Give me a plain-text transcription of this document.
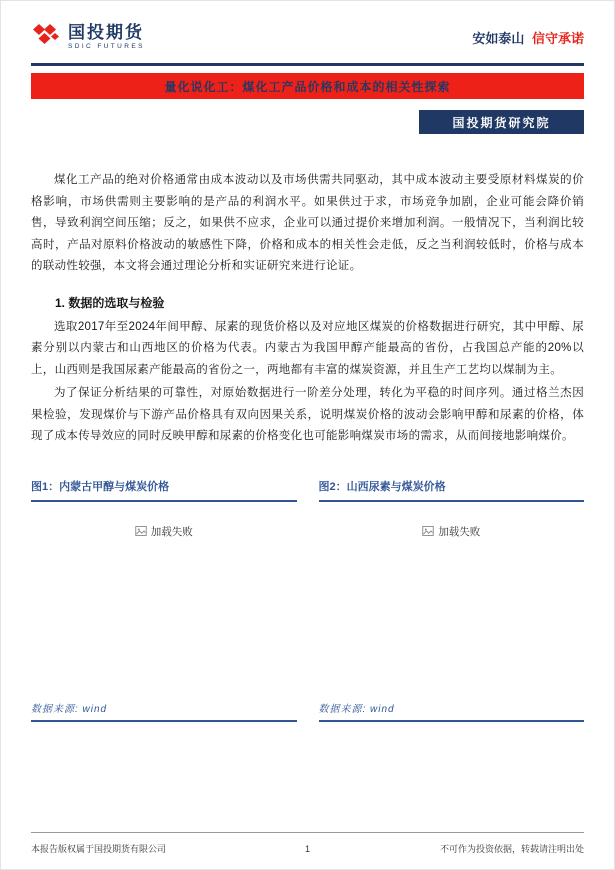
国投期货
SDIC FUTURES
安如泰山 信守承诺
量化说化工：煤化工产品价格和成本的相关性探索
国投期货研究院

煤化工产品的绝对价格通常由成本波动以及市场供需共同驱动，其中成本波动主要受原材料煤炭的价格影响，市场供需则主要影响的是产品的利润水平。如果供过于求，市场竞争加剧，企业可能会降价销售，导致利润空间压缩；反之，如果供不应求，企业可以通过提价来增加利润。一般情况下，当利润比较高时，产品对原料价格波动的敏感性下降，价格和成本的相关性会走低，反之当利润较低时，价格与成本的联动性较强，本文将会通过理论分析和实证研究来进行论证。

1. 数据的选取与检验

选取2017年至2024年间甲醇、尿素的现货价格以及对应地区煤炭的价格数据进行研究，其中甲醇、尿素分别以内蒙古和山西地区的价格为代表。内蒙古为我国甲醇产能最高的省份，占我国总产能的20%以上，山西则是我国尿素产能最高的省份之一，两地都有丰富的煤炭资源，并且生产工艺均以煤制为主。

为了保证分析结果的可靠性，对原始数据进行一阶差分处理，转化为平稳的时间序列。通过格兰杰因果检验，发现煤价与下游产品价格具有双向因果关系，说明煤炭价格的波动会影响甲醇和尿素的价格，体现了成本传导效应的同时反映甲醇和尿素的价格变化也可能影响煤炭市场的需求，从而间接地影响煤价。

图1：内蒙古甲醇与煤炭价格
加载失败
数据来源: wind
图2：山西尿素与煤炭价格
加载失败
数据来源: wind
本报告版权属于国投期货有限公司	1	不可作为投资依据，转载请注明出处
